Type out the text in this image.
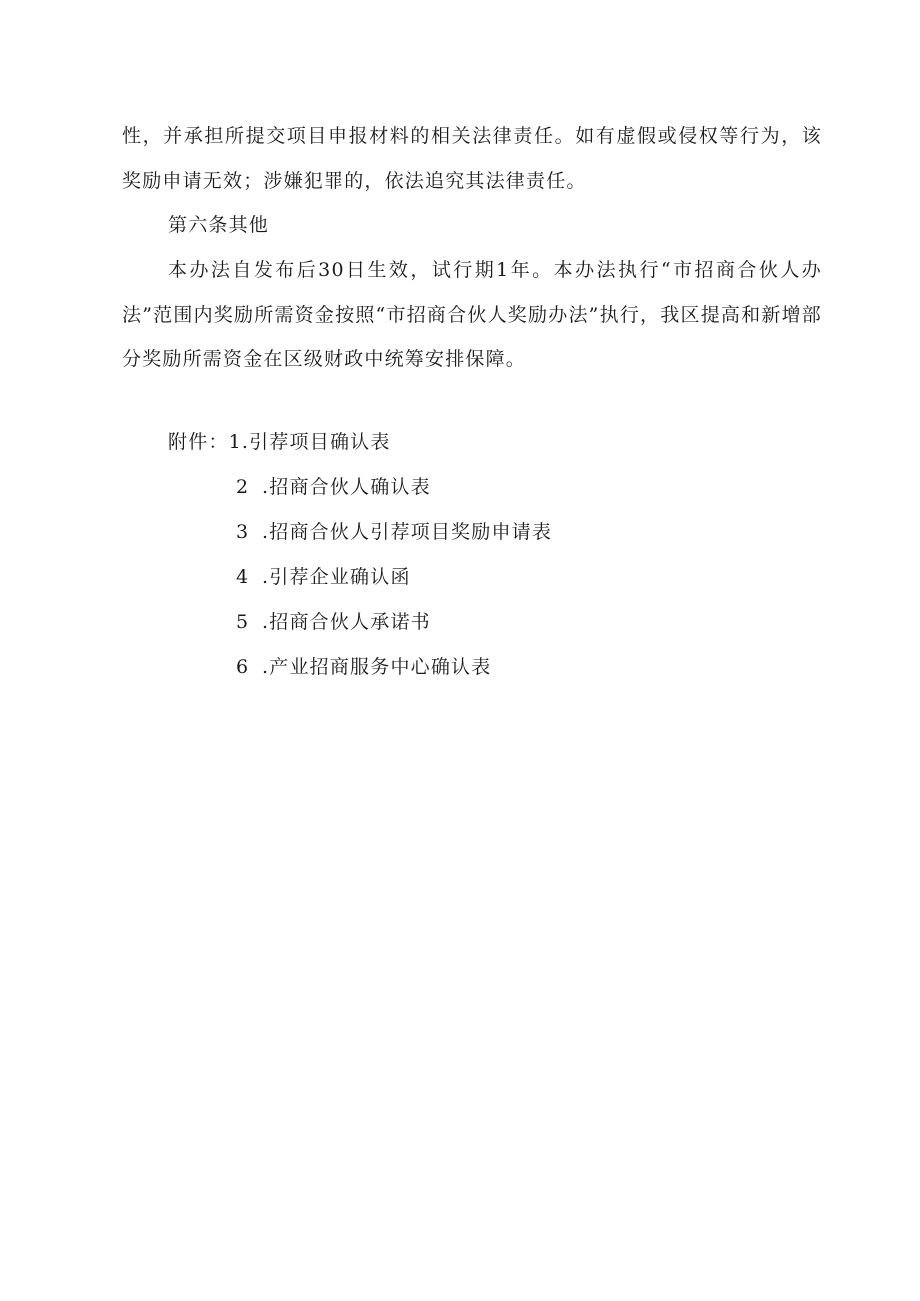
性，并承担所提交项目申报材料的相关法律责任。如有虚假或侵权等行为，该奖励申请无效；涉嫌犯罪的，依法追究其法律责任。

第六条其他

本办法自发布后30日生效，试行期1年。本办法执行“市招商合伙人办法”范围内奖励所需资金按照“市招商合伙人奖励办法”执行，我区提高和新增部分奖励所需资金在区级财政中统筹安排保障。

附件：1.引荐项目确认表

2 .招商合伙人确认表
3 .招商合伙人引荐项目奖励申请表
4 .引荐企业确认函
5 .招商合伙人承诺书
6 .产业招商服务中心确认表
